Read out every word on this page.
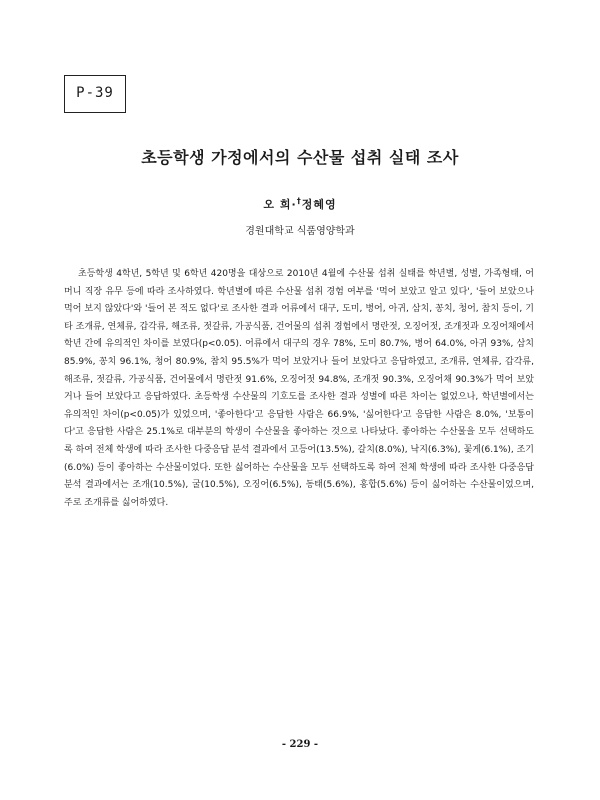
P-39
초등학생 가정에서의 수산물 섭취 실태 조사
오 희·†정혜영
경원대학교 식품영양학과

초등학생 4학년, 5학년 및 6학년 420명을 대상으로 2010년 4월에 수산물 섭취 실태를 학년별, 성별, 가족형태, 어머니 직장 유무 등에 따라 조사하였다. 학년별에 따른 수산물 섭취 경험 여부를 '먹어 보았고 알고 있다', '들어 보았으나 먹어 보지 않았다'와 '들어 본 적도 없다'로 조사한 결과 어류에서 대구, 도미, 병어, 아귀, 삼치, 꽁치, 청어, 참치 등이, 기타 조개류, 연체류, 갑각류, 해조류, 젓갈류, 가공식품, 건어물의 섭취 경험에서 명란젓, 오징어젓, 조개젓과 오징어채에서 학년 간에 유의적인 차이를 보였다(p<0.05). 어류에서 대구의 경우 78%, 도미 80.7%, 병어 64.0%, 아귀 93%, 삼치 85.9%, 꽁치 96.1%, 청어 80.9%, 참치 95.5%가 먹어 보았거나 들어 보았다고 응답하였고, 조개류, 연체류, 갑각류, 해조류, 젓갈류, 가공식품, 건어물에서 명란젓 91.6%, 오징어젓 94.8%, 조개젓 90.3%, 오징어채 90.3%가 먹어 보았거나 들어 보았다고 응답하였다. 초등학생 수산물의 기호도를 조사한 결과 성별에 따른 차이는 없었으나, 학년별에서는 유의적인 차이(p<0.05)가 있었으며, '좋아한다'고 응답한 사람은 66.9%, '싫어한다'고 응답한 사람은 8.0%, '보통이다'고 응답한 사람은 25.1%로 대부분의 학생이 수산물을 좋아하는 것으로 나타났다. 좋아하는 수산물을 모두 선택하도록 하여 전체 학생에 따라 조사한 다중응답 분석 결과에서 고등어(13.5%), 갈치(8.0%), 낙지(6.3%), 꽃게(6.1%), 조기(6.0%) 등이 좋아하는 수산물이었다. 또한 싫어하는 수산물을 모두 선택하도록 하여 전체 학생에 따라 조사한 다중응답 분석 결과에서는 조개(10.5%), 굴(10.5%), 오징어(6.5%), 동태(5.6%), 홍합(5.6%) 등이 싫어하는 수산물이었으며, 주로 조개류를 싫어하였다.

- 229 -
